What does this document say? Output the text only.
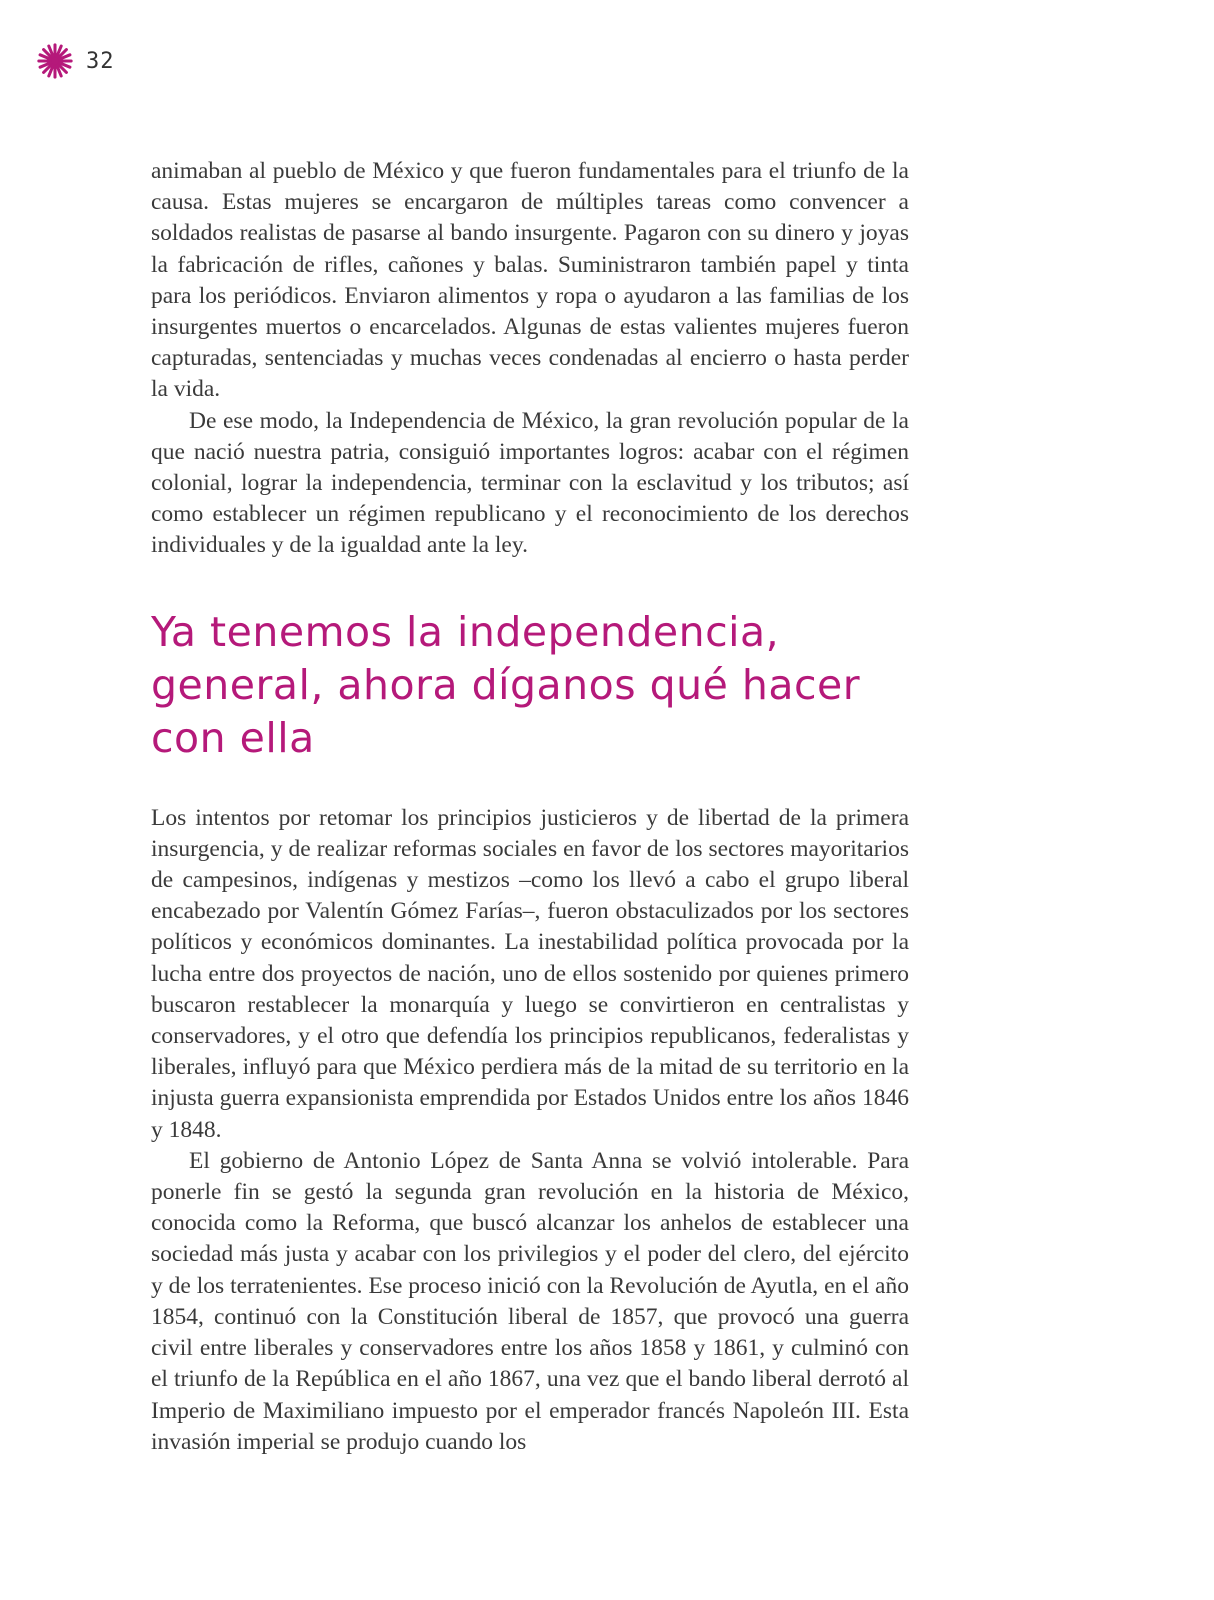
32

animaban al pueblo de México y que fueron fundamentales para el triunfo de la causa. Estas mujeres se encargaron de múltiples tareas como convencer a soldados realistas de pasarse al bando insurgente. Pagaron con su dinero y joyas la fabricación de rifles, cañones y balas. Suministraron también papel y tinta para los periódicos. Enviaron alimentos y ropa o ayudaron a las familias de los insurgentes muertos o encarcelados. Algunas de estas valientes mujeres fueron capturadas, sentenciadas y muchas veces condenadas al encierro o hasta perder la vida.

De ese modo, la Independencia de México, la gran revolución popular de la que nació nuestra patria, consiguió importantes logros: acabar con el régimen colonial, lograr la independencia, terminar con la esclavitud y los tributos; así como establecer un régimen republicano y el reconocimiento de los derechos individuales y de la igualdad ante la ley.

Ya tenemos la independencia, general, ahora díganos qué hacer con ella

Los intentos por retomar los principios justicieros y de libertad de la primera insurgencia, y de realizar reformas sociales en favor de los sectores mayoritarios de campesinos, indígenas y mestizos –como los llevó a cabo el grupo liberal encabezado por Valentín Gómez Farías–, fueron obstaculizados por los sectores políticos y económicos dominantes. La inestabilidad política provocada por la lucha entre dos proyectos de nación, uno de ellos sostenido por quienes primero buscaron restablecer la monarquía y luego se convirtieron en centralistas y conservadores, y el otro que defendía los principios republicanos, federalistas y liberales, influyó para que México perdiera más de la mitad de su territorio en la injusta guerra expansionista emprendida por Estados Unidos entre los años 1846 y 1848.

El gobierno de Antonio López de Santa Anna se volvió intolerable. Para ponerle fin se gestó la segunda gran revolución en la historia de México, conocida como la Reforma, que buscó alcanzar los anhelos de establecer una sociedad más justa y acabar con los privilegios y el poder del clero, del ejército y de los terratenientes. Ese proceso inició con la Revolución de Ayutla, en el año 1854, continuó con la Constitución liberal de 1857, que provocó una guerra civil entre liberales y conservadores entre los años 1858 y 1861, y culminó con el triunfo de la República en el año 1867, una vez que el bando liberal derrotó al Imperio de Maximiliano impuesto por el emperador francés Napoleón III. Esta invasión imperial se produjo cuando los
